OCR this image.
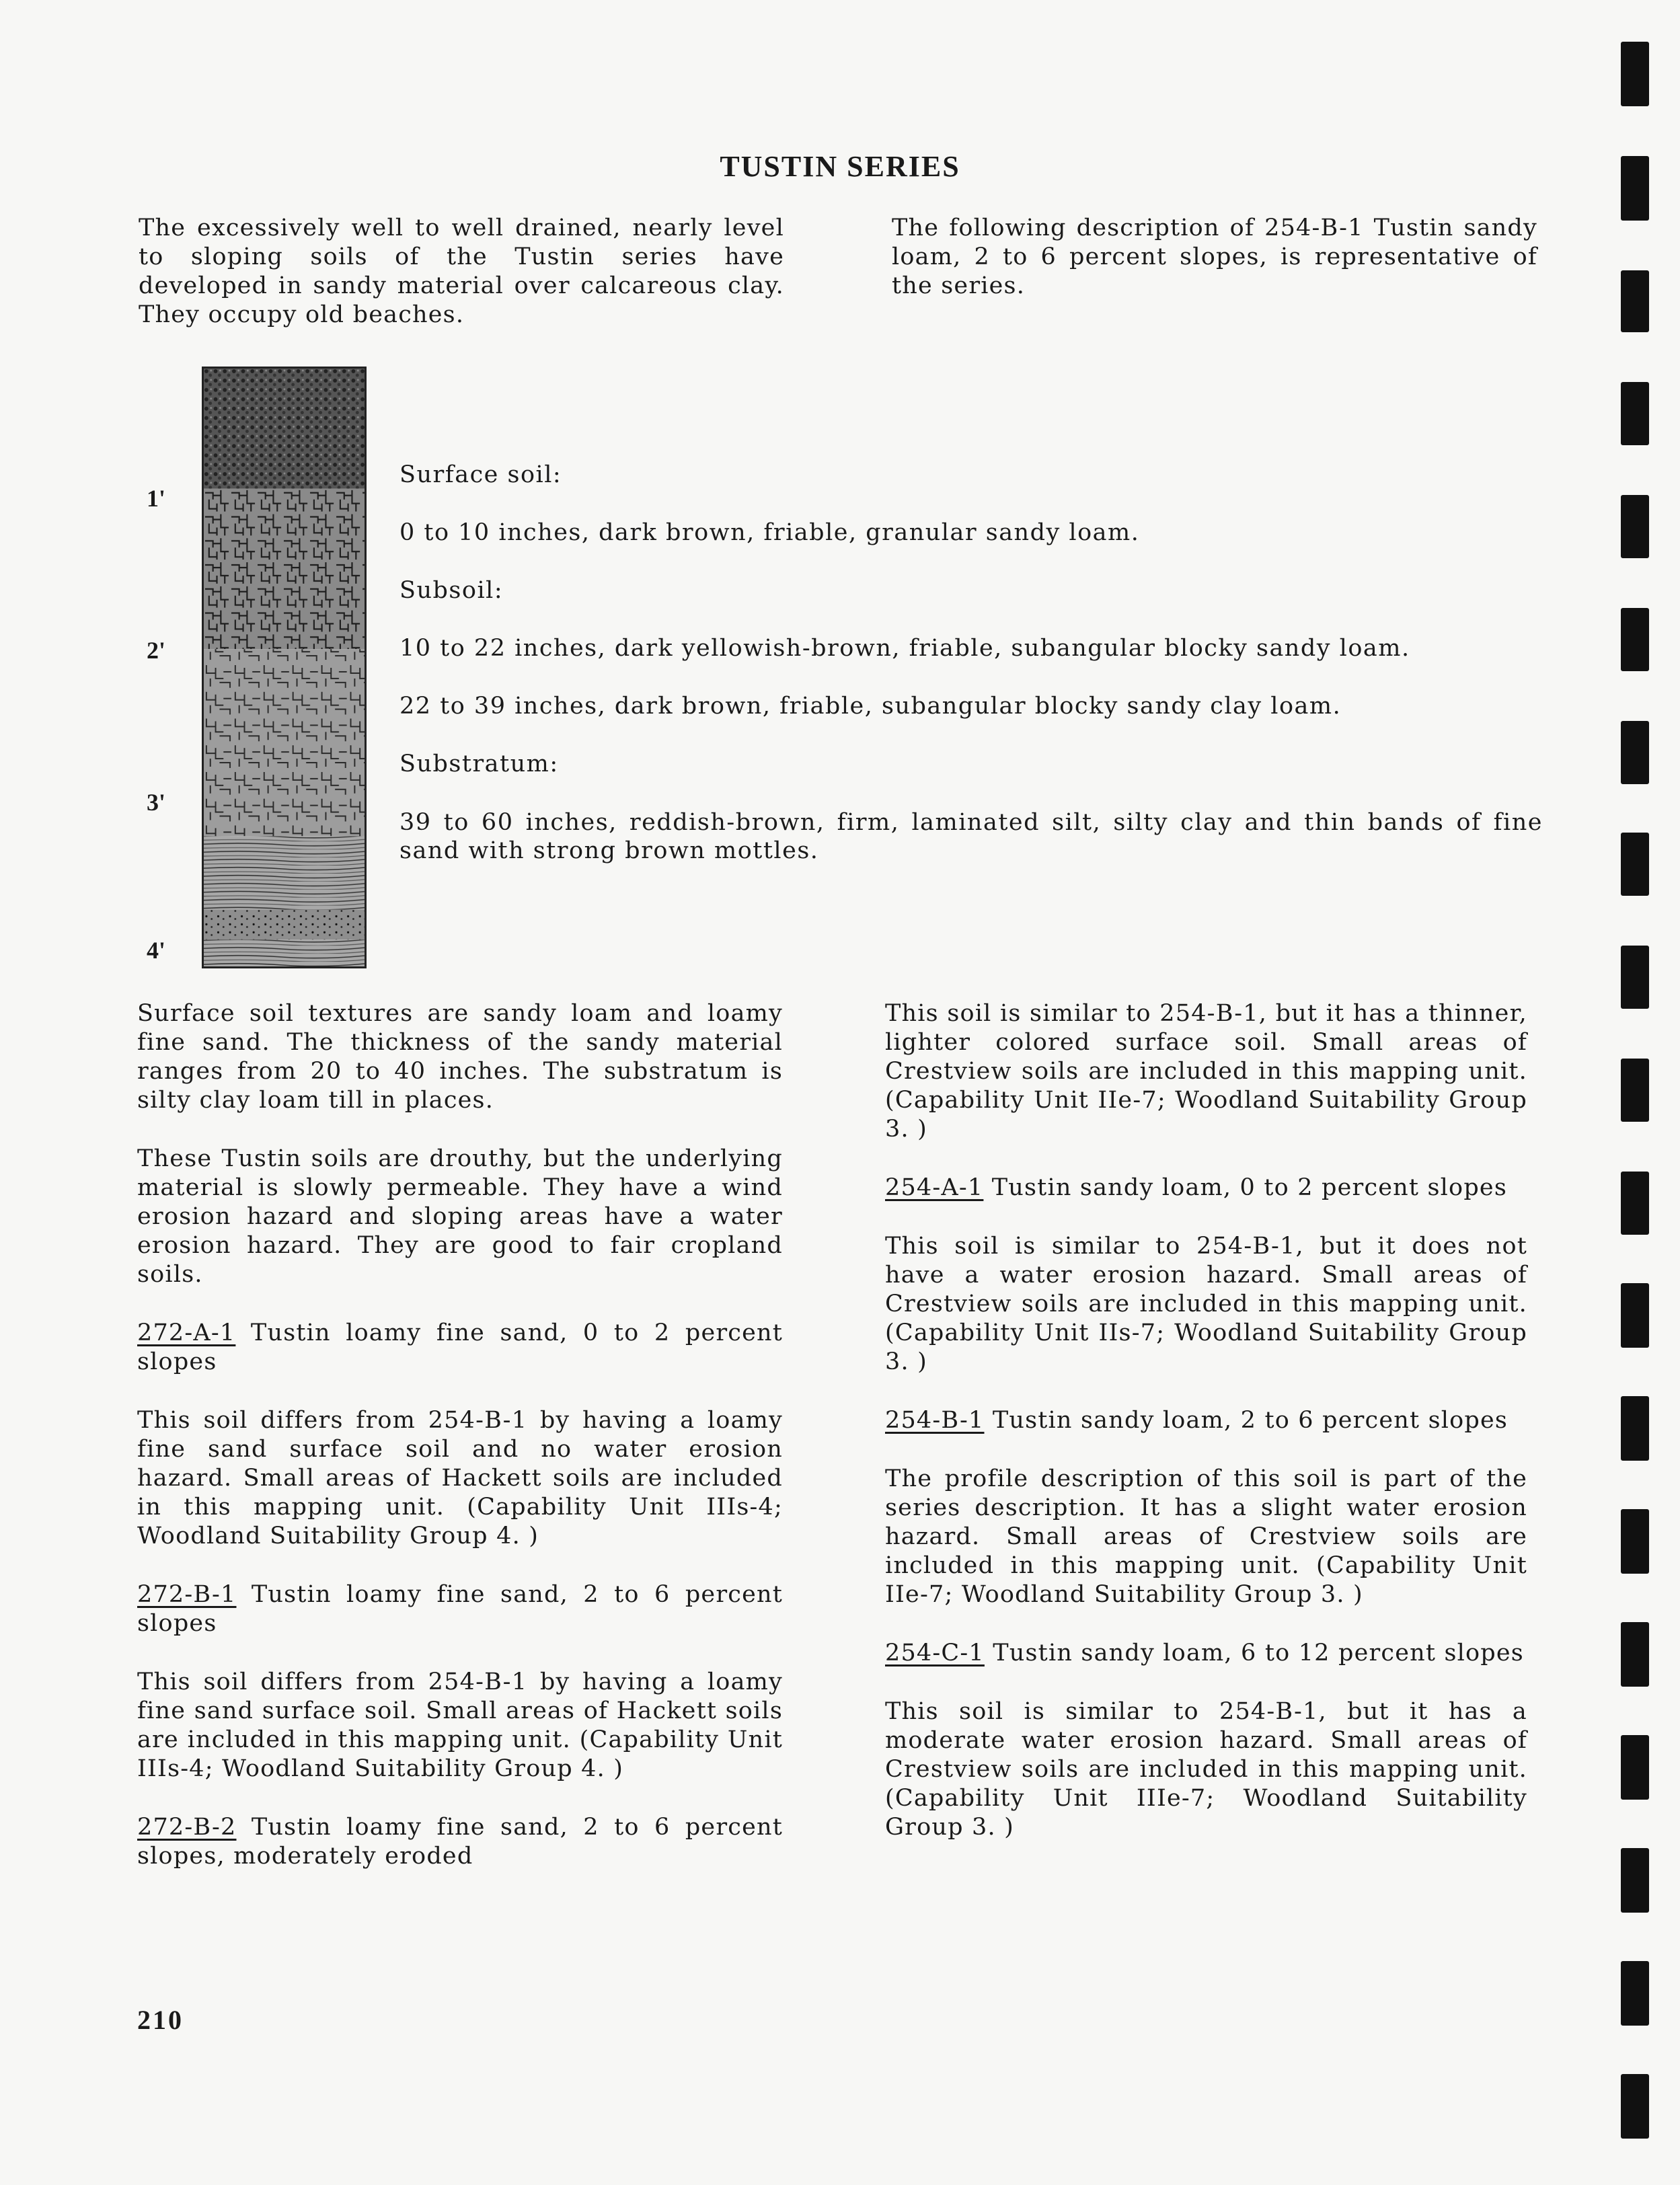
TUSTIN SERIES

The excessively well to well drained, nearly level to sloping soils of the Tustin series have developed in sandy material over calcareous clay. They occupy old beaches.

The following description of 254-B-1 Tustin sandy loam, 2 to 6 percent slopes, is representative of the series.

1'
2'
3'
4'
Surface soil:
0 to 10 inches, dark brown, friable, granular sandy loam.
Subsoil:
10 to 22 inches, dark yellowish-brown, friable, subangular blocky sandy loam.
22 to 39 inches, dark brown, friable, subangular blocky sandy clay loam.
Substratum:
39 to 60 inches, reddish-brown, firm, laminated silt, silty clay and thin bands of fine sand with strong brown mottles.

Surface soil textures are sandy loam and loamy fine sand. The thickness of the sandy material ranges from 20 to 40 inches. The substratum is silty clay loam till in places.

These Tustin soils are drouthy, but the underlying material is slowly permeable. They have a wind erosion hazard and sloping areas have a water erosion hazard. They are good to fair cropland soils.

272-A-1 Tustin loamy fine sand, 0 to 2 percent slopes

This soil differs from 254-B-1 by having a loamy fine sand surface soil and no water erosion hazard. Small areas of Hackett soils are included in this mapping unit. (Capability Unit IIIs-4; Woodland Suitability Group 4. )

272-B-1 Tustin loamy fine sand, 2 to 6 percent slopes

This soil differs from 254-B-1 by having a loamy fine sand surface soil. Small areas of Hackett soils are included in this mapping unit. (Capability Unit IIIs-4; Woodland Suitability Group 4. )

272-B-2 Tustin loamy fine sand, 2 to 6 percent slopes, moderately eroded

This soil is similar to 254-B-1, but it has a thinner, lighter colored surface soil. Small areas of Crestview soils are included in this mapping unit. (Capability Unit IIe-7; Woodland Suitability Group 3. )

254-A-1 Tustin sandy loam, 0 to 2 percent slopes

This soil is similar to 254-B-1, but it does not have a water erosion hazard. Small areas of Crestview soils are included in this mapping unit. (Capability Unit IIs-7; Woodland Suitability Group 3. )

254-B-1 Tustin sandy loam, 2 to 6 percent slopes

The profile description of this soil is part of the series description. It has a slight water erosion hazard. Small areas of Crestview soils are included in this mapping unit. (Capability Unit IIe-7; Woodland Suitability Group 3. )

254-C-1 Tustin sandy loam, 6 to 12 percent slopes

This soil is similar to 254-B-1, but it has a moderate water erosion hazard. Small areas of Crestview soils are included in this mapping unit. (Capability Unit IIIe-7; Woodland Suitability Group 3. )

210
